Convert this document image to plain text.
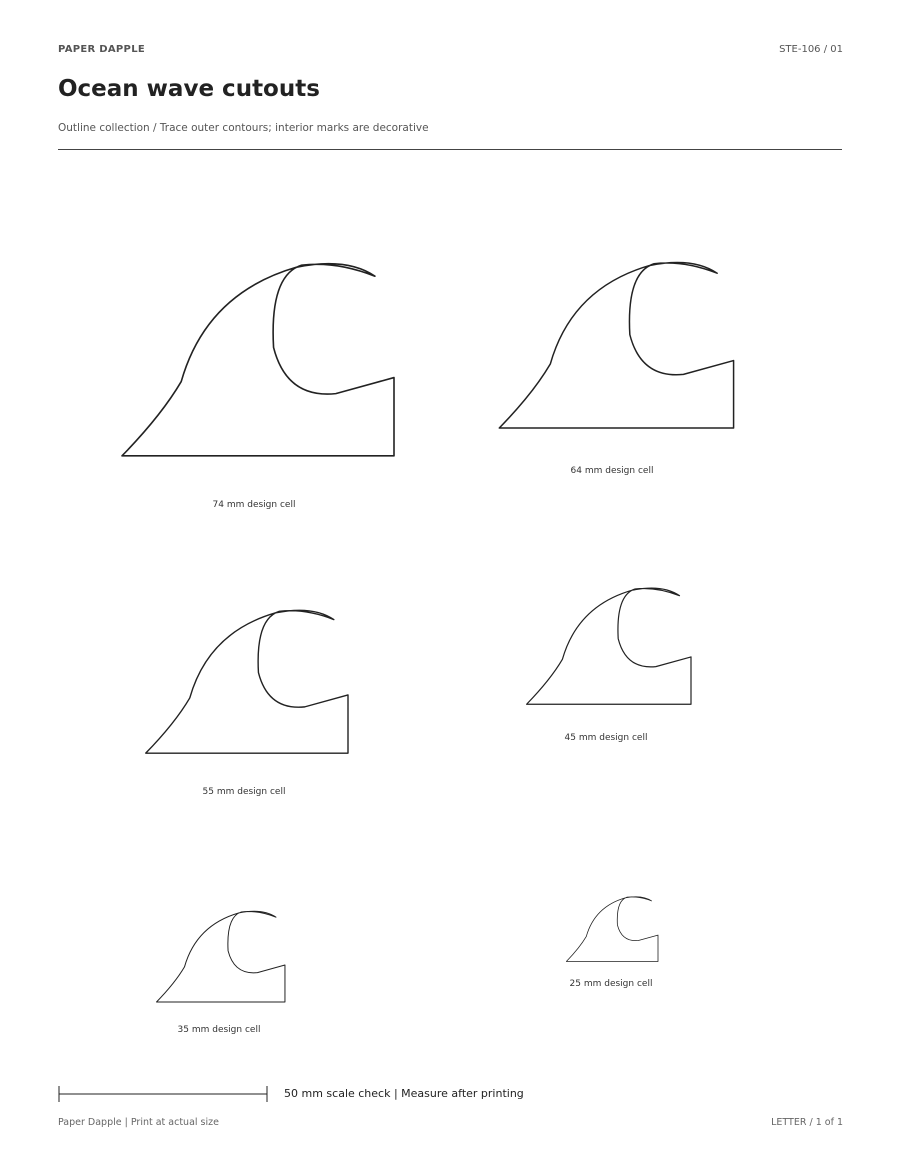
PAPER DAPPLE	STE-106 / 01
Ocean wave cutouts
Outline collection / Trace outer contours; interior marks are decorative
74 mm design cell
64 mm design cell
55 mm design cell
45 mm design cell
35 mm design cell
25 mm design cell
50 mm scale check | Measure after printing
Paper Dapple | Print at actual size	LETTER / 1 of 1
